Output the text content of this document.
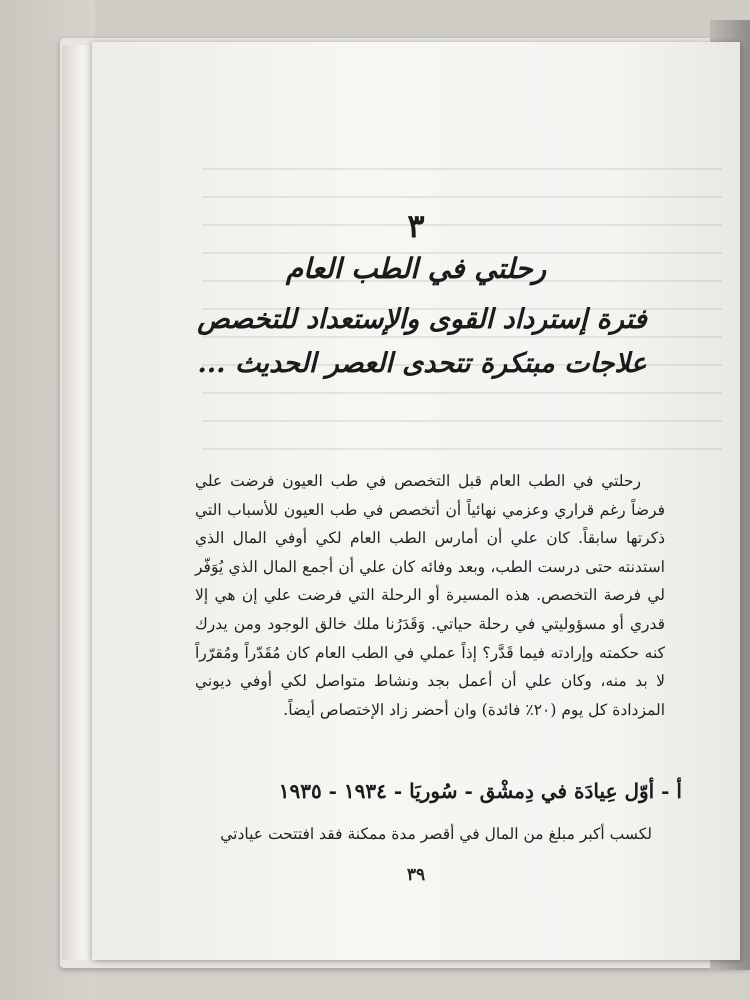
٣
رحلتي في الطب العام
فترة إسترداد القوى والإستعداد للتخصص
علاجات مبتكرة تتحدى العصر الحديث ...

رحلتي في الطب العام قبل التخصص في طب العيون فرضت علي فرضاً رغم قراري وعزمي نهائياً أن أتخصص في طب العيون للأسباب التي ذكرتها سابقاً. كان علي أن أمارس الطب العام لكي أوفي المال الذي استدنته حتى درست الطب، وبعد وفائه كان علي أن أجمع المال الذي يُوَفّر لي فرصة التخصص. هذه المسيرة أو الرحلة التي فرضت علي إن هي إلا قدري أو مسؤوليتي في رحلة حياتي. وَقَدَرُنا ملك خالق الوجود ومن يدرك كنه حكمته وإرادته فيما قَدَّر؟ إذاً عملي في الطب العام كان مُقَدّراً ومُقرّراً لا بد منه، وكان علي أن أعمل بجد ونشاط متواصل لكي أوفي ديوني المزدادة كل يوم (٢٠٪ فائدة) وان أحضر زاد الإختصاص أيضاً.

أ - أوّل عِيادَة في دِمشْق - سُوريَا - ١٩٣٤ - ١٩٣٥
لكسب أكبر مبلغ من المال في أقصر مدة ممكنة فقد افتتحت عيادتي
٣٩
